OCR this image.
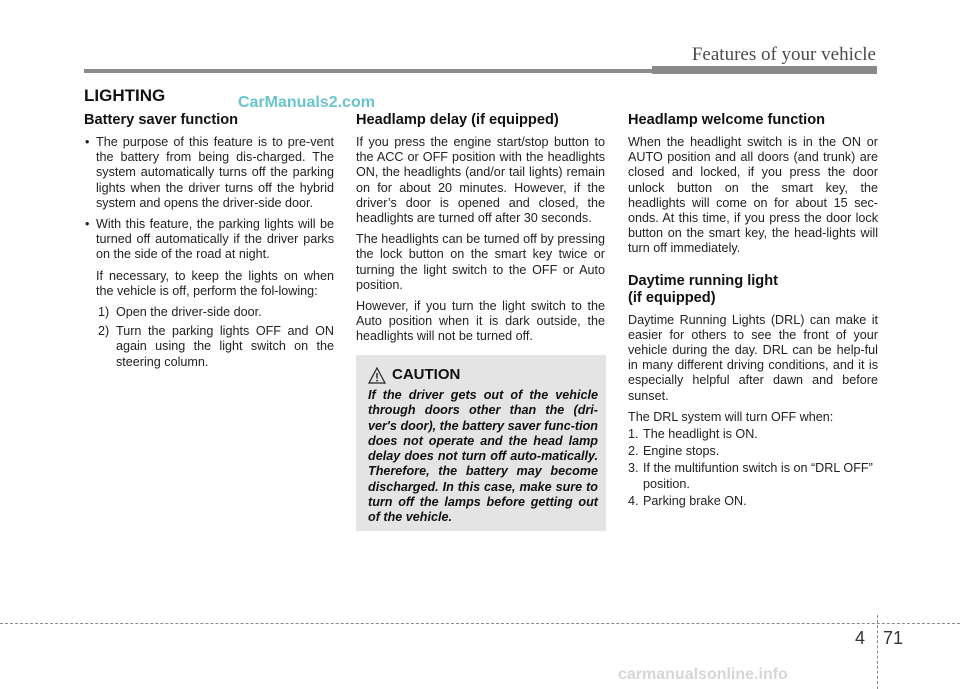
Features of your vehicle
LIGHTING	CarManuals2.com
Battery saver function
• The purpose of this feature is to pre-vent the battery from being dis-charged. The system automatically turns off the parking lights when the driver turns off the hybrid system and opens the driver-side door.
• With this feature, the parking lights will be turned off automatically if the driver parks on the side of the road at night.
If necessary, to keep the lights on when the vehicle is off, perform the fol-lowing:
1) Open the driver-side door.
2) Turn the parking lights OFF and ON again using the light switch on the steering column.
Headlamp delay (if equipped)

If you press the engine start/stop button to the ACC or OFF position with the headlights ON, the headlights (and/or tail lights) remain on for about 20 minutes. However, if the driver’s door is opened and closed, the headlights are turned off after 30 seconds.

The headlights can be turned off by pressing the lock button on the smart key twice or turning the light switch to the OFF or Auto position.

However, if you turn the light switch to the Auto position when it is dark outside, the headlights will not be turned off.

CAUTION
If the driver gets out of the vehicle through doors other than the (dri-ver's door), the battery saver func-tion does not operate and the head lamp delay does not turn off auto-matically. Therefore, the battery may become discharged. In this case, make sure to turn off the lamps before getting out of the vehicle.
Headlamp welcome function

When the headlight switch is in the ON or AUTO position and all doors (and trunk) are closed and locked, if you press the door unlock button on the smart key, the headlights will come on for about 15 sec-onds. At this time, if you press the door lock button on the smart key, the head-lights will turn off immediately.

Daytime running light
(if equipped)

Daytime Running Lights (DRL) can make it easier for others to see the front of your vehicle during the day. DRL can be help-ful in many different driving conditions, and it is especially helpful after dawn and before sunset.

The DRL system will turn OFF when:

1. The headlight is ON.
2. Engine stops.
3. If the multifuntion switch is on “DRL OFF” position.
4. Parking brake ON.
4 71
carmanualsonline.info
